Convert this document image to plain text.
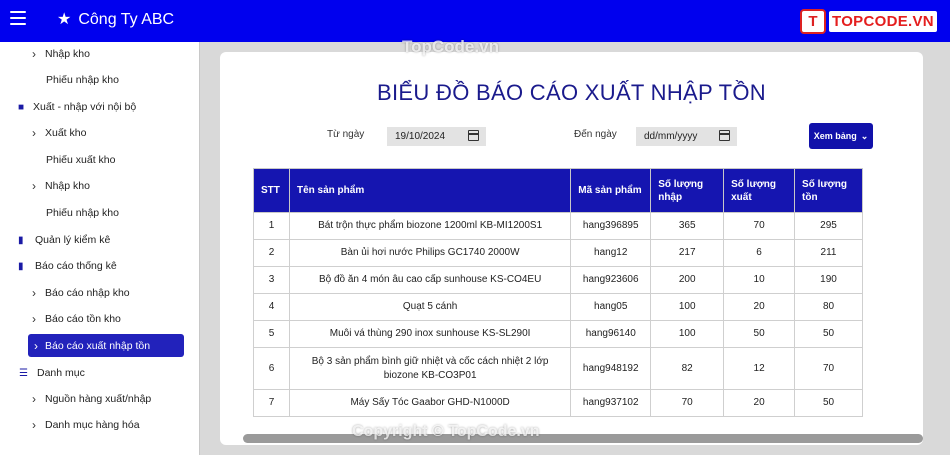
★ Công Ty ABC	T TOPCODE.VN
› Nhập kho
Phiếu nhập kho
■ Xuất - nhập với nội bộ
› Xuất kho
Phiếu xuất kho
› Nhập kho
Phiếu nhập kho
▮ Quản lý kiểm kê
▮ Báo cáo thống kê
› Báo cáo nhập kho
› Báo cáo tồn kho
› Báo cáo xuất nhập tồn
☰ Danh mục
› Nguồn hàng xuất/nhập
› Danh mục hàng hóa
BIỂU ĐỒ BÁO CÁO XUẤT NHẬP TỒN
Từ ngày	19/10/2024	Đến ngày	dd/mm/yyyy	Xem bảng ⌄
STT	Tên sản phẩm	Mã sản phẩm	Số lượng nhập	Số lượng xuất	Số lượng tồn
1	Bát trộn thực phẩm biozone 1200ml KB-MI1200S1	hang396895	365	70	295
2	Bàn ủi hơi nước Philips GC1740 2000W	hang12	217	6	211
3	Bộ đồ ăn 4 món âu cao cấp sunhouse KS-CO4EU	hang923606	200	10	190
4	Quạt 5 cánh	hang05	100	20	80
5	Muôi vá thùng 290 inox sunhouse KS-SL290I	hang96140	100	50	50
6	Bộ 3 sản phẩm bình giữ nhiệt và cốc cách nhiệt 2 lớp biozone KB-CO3P01	hang948192	82	12	70
7	Máy Sấy Tóc Gaabor GHD-N1000D	hang937102	70	20	50
TopCode.vn
Copyright © TopCode.vn
